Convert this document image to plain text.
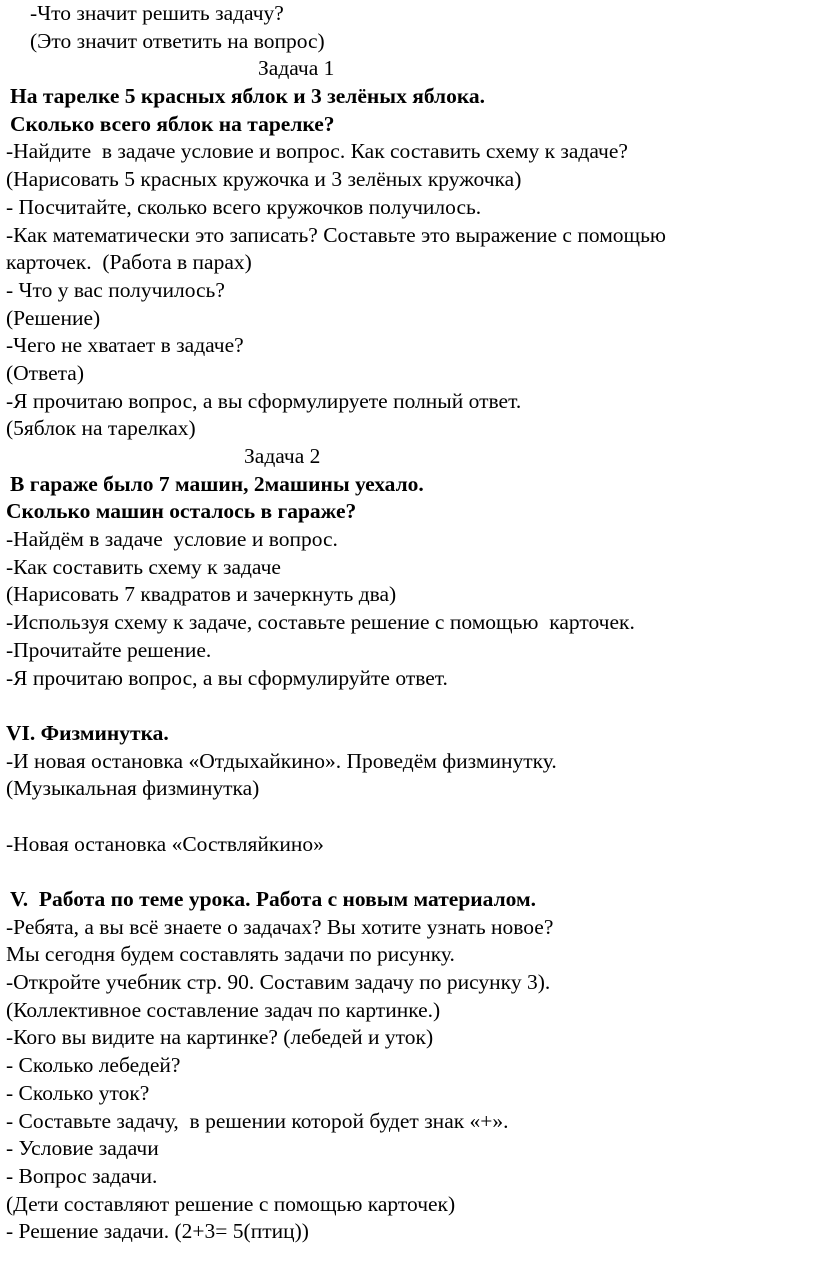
-Что значит решить задачу?

(Это значит ответить на вопрос)

Задача 1

На тарелке 5 красных яблок и 3 зелёных яблока.

Сколько всего яблок на тарелке?

-Найдите  в задаче условие и вопрос. Как составить схему к задаче?

(Нарисовать 5 красных кружочка и 3 зелёных кружочка)

- Посчитайте, сколько всего кружочков получилось.

-Как математически это записать? Составьте это выражение с помощью

карточек.  (Работа в парах)

- Что у вас получилось?

(Решение)

-Чего не хватает в задаче?

(Ответа)

-Я прочитаю вопрос, а вы сформулируете полный ответ.

(5яблок на тарелках)

Задача 2

В гараже было 7 машин, 2машины уехало.

Сколько машин осталось в гараже?

-Найдём в задаче  условие и вопрос.

-Как составить схему к задаче

(Нарисовать 7 квадратов и зачеркнуть два)

-Используя схему к задаче, составьте решение с помощью  карточек.

-Прочитайте решение.

-Я прочитаю вопрос, а вы сформулируйте ответ.

VI. Физминутка.

-И новая остановка «Отдыхайкино». Проведём физминутку.

(Музыкальная физминутка)

-Новая остановка «Соствляйкино»

V.  Работа по теме урока. Работа с новым материалом.

-Ребятa, а вы всё знаете о задачах? Вы хотите узнать новое?

Мы сегодня будем составлять задачи по рисунку.

-Откройте учебник стр. 90. Составим задачу по рисунку 3).

(Коллективное составление задач по картинке.)

-Кого вы видите на картинке? (лебедей и уток)

- Сколько лебедей?

- Сколько уток?

- Составьте задачу,  в решении которой будет знак «+».

- Условие задачи

- Вопрос задачи.

(Дети составляют решение с помощью карточек)

- Решение задачи. (2+3= 5(птиц))
